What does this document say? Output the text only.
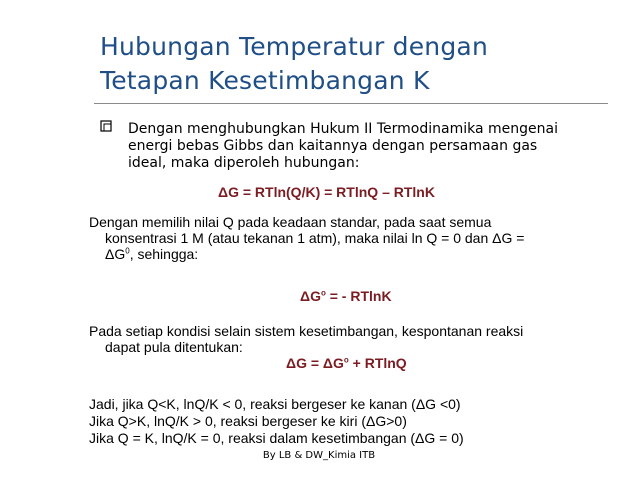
Hubungan Temperatur dengan
Tetapan Kesetimbangan K
Dengan menghubungkan Hukum II Termodinamika mengenai
energi bebas Gibbs dan kaitannya dengan persamaan gas
ideal, maka diperoleh hubungan:
ΔG = RTln(Q/K) = RTlnQ – RTlnK
Dengan memilih nilai Q pada keadaan standar, pada saat semua
konsentrasi 1 M (atau tekanan 1 atm), maka nilai ln Q = 0 dan ΔG =
$\Delta G^0$, sehingga:
$\Delta G^o$ = - RTlnK
Pada setiap kondisi selain sistem kesetimbangan, kespontanan reaksi
dapat pula ditentukan:
$\Delta G = \Delta G^o + RTlnQ$
Jadi, jika Q<K, lnQ/K < 0, reaksi bergeser ke kanan (ΔG <0)
Jika Q>K, lnQ/K > 0, reaksi bergeser ke kiri (ΔG>0)
Jika Q = K, lnQ/K = 0, reaksi dalam kesetimbangan (ΔG = 0)
By LB & DW_Kimia ITB
